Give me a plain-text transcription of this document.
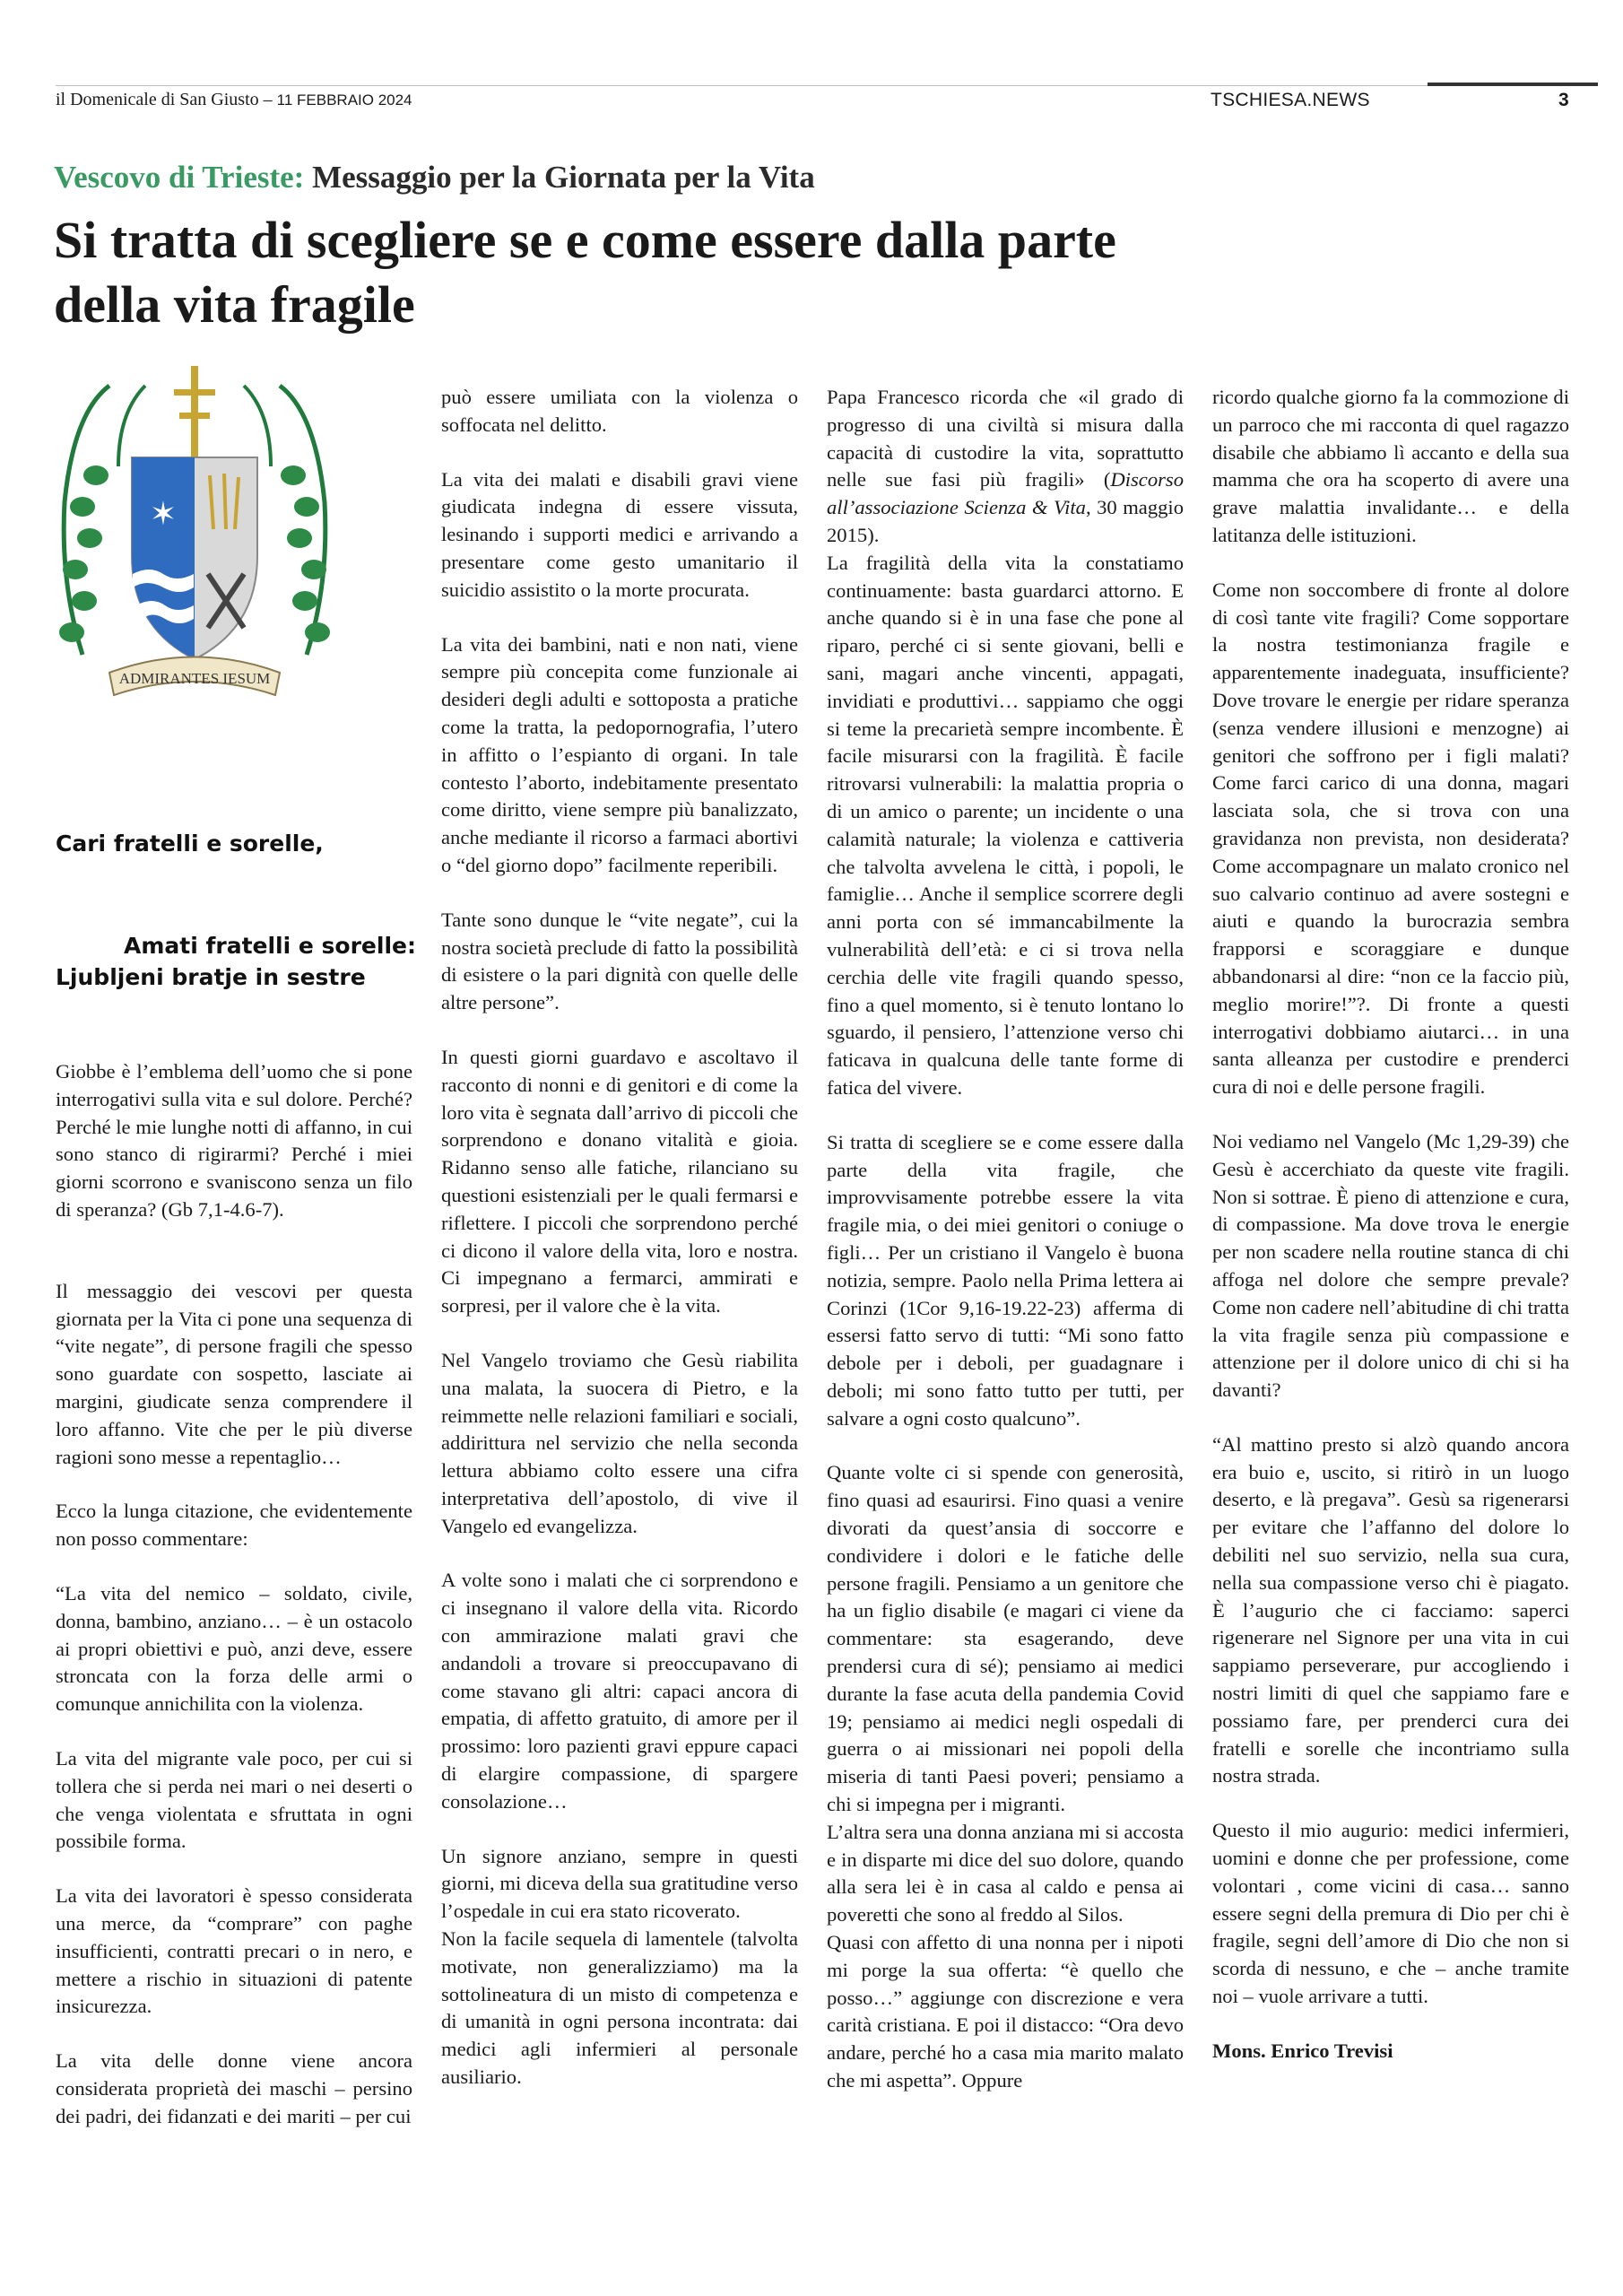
il Domenicale di San Giusto – 11 FEBBRAIO 2024	TSCHIESA.NEWS	3
Vescovo di Trieste: Messaggio per la Giornata per la Vita
Si tratta di scegliere se e come essere dalla parte della vita fragile
✶
ADMIRANTES IESUM
Cari fratelli e sorelle,
Amati fratelli e sorelle:
Ljubljeni bratje in sestre

Giobbe è l’emblema dell’uomo che si pone interrogativi sulla vita e sul dolore. Perché? Perché le mie lunghe notti di affanno, in cui sono stanco di rigirarmi? Perché i miei giorni scorrono e svaniscono senza un filo di speranza? (Gb 7,1-4.6-7).

Il messaggio dei vescovi per questa giornata per la Vita ci pone una sequenza di “vite negate”, di persone fragili che spesso sono guardate con sospetto, lasciate ai margini, giudicate senza comprendere il loro affanno. Vite che per le più diverse ragioni sono messe a repentaglio…

Ecco la lunga citazione, che evidentemente non posso commentare:

“La vita del nemico – soldato, civile, donna, bambino, anziano… – è un ostacolo ai propri obiettivi e può, anzi deve, essere stroncata con la forza delle armi o comunque annichilita con la violenza.

La vita del migrante vale poco, per cui si tollera che si perda nei mari o nei deserti o che venga violentata e sfruttata in ogni possibile forma.

La vita dei lavoratori è spesso considerata una merce, da “comprare” con paghe insufficienti, contratti precari o in nero, e mettere a rischio in situazioni di patente insicurezza.

La vita delle donne viene ancora considerata proprietà dei maschi – persino dei padri, dei fidanzati e dei mariti – per cui

può essere umiliata con la violenza o soffocata nel delitto.

La vita dei malati e disabili gravi viene giudicata indegna di essere vissuta, lesinando i supporti medici e arrivando a presentare come gesto umanitario il suicidio assistito o la morte procurata.

La vita dei bambini, nati e non nati, viene sempre più concepita come funzionale ai desideri degli adulti e sottoposta a pratiche come la tratta, la pedopornografia, l’utero in affitto o l’espianto di organi. In tale contesto l’aborto, indebitamente presentato come diritto, viene sempre più banalizzato, anche mediante il ricorso a farmaci abortivi o “del giorno dopo” facilmente reperibili.

Tante sono dunque le “vite negate”, cui la nostra società preclude di fatto la possibilità di esistere o la pari dignità con quelle delle altre persone”.

In questi giorni guardavo e ascoltavo il racconto di nonni e di genitori e di come la loro vita è segnata dall’arrivo di piccoli che sorprendono e donano vitalità e gioia. Ridanno senso alle fatiche, rilanciano su questioni esistenziali per le quali fermarsi e riflettere. I piccoli che sorprendono perché ci dicono il valore della vita, loro e nostra. Ci impegnano a fermarci, ammirati e sorpresi, per il valore che è la vita.

Nel Vangelo troviamo che Gesù riabilita una malata, la suocera di Pietro, e la reimmette nelle relazioni familiari e sociali, addirittura nel servizio che nella seconda lettura abbiamo colto essere una cifra interpretativa dell’apostolo, di vive il Vangelo ed evangelizza.

A volte sono i malati che ci sorprendono e ci insegnano il valore della vita. Ricordo con ammirazione malati gravi che andandoli a trovare si preoccupavano di come stavano gli altri: capaci ancora di empatia, di affetto gratuito, di amore per il prossimo: loro pazienti gravi eppure capaci di elargire compassione, di spargere consolazione…

Un signore anziano, sempre in questi giorni, mi diceva della sua gratitudine verso l’ospedale in cui era stato ricoverato.

Non la facile sequela di lamentele (talvolta motivate, non generalizziamo) ma la sottolineatura di un misto di competenza e di umanità in ogni persona incontrata: dai medici agli infermieri al personale ausiliario.

Papa Francesco ricorda che «il grado di progresso di una civiltà si misura dalla capacità di custodire la vita, soprattutto nelle sue fasi più fragili» (Discorso all’associazione Scienza & Vita, 30 maggio 2015).

La fragilità della vita la constatiamo continuamente: basta guardarci attorno. E anche quando si è in una fase che pone al riparo, perché ci si sente giovani, belli e sani, magari anche vincenti, appagati, invidiati e produttivi… sappiamo che oggi si teme la precarietà sempre incombente. È facile misurarsi con la fragilità. È facile ritrovarsi vulnerabili: la malattia propria o di un amico o parente; un incidente o una calamità naturale; la violenza e cattiveria che talvolta avvelena le città, i popoli, le famiglie… Anche il semplice scorrere degli anni porta con sé immancabilmente la vulnerabilità dell’età: e ci si trova nella cerchia delle vite fragili quando spesso, fino a quel momento, si è tenuto lontano lo sguardo, il pensiero, l’attenzione verso chi faticava in qualcuna delle tante forme di fatica del vivere.

Si tratta di scegliere se e come essere dalla parte della vita fragile, che improvvisamente potrebbe essere la vita fragile mia, o dei miei genitori o coniuge o figli… Per un cristiano il Vangelo è buona notizia, sempre. Paolo nella Prima lettera ai Corinzi (1Cor 9,16-19.22-23) afferma di essersi fatto servo di tutti: “Mi sono fatto debole per i deboli, per guadagnare i deboli; mi sono fatto tutto per tutti, per salvare a ogni costo qualcuno”.

Quante volte ci si spende con generosità, fino quasi ad esaurirsi. Fino quasi a venire divorati da quest’ansia di soccorre e condividere i dolori e le fatiche delle persone fragili. Pensiamo a un genitore che ha un figlio disabile (e magari ci viene da commentare: sta esagerando, deve prendersi cura di sé); pensiamo ai medici durante la fase acuta della pandemia Covid 19; pensiamo ai medici negli ospedali di guerra o ai missionari nei popoli della miseria di tanti Paesi poveri; pensiamo a chi si impegna per i migranti.

L’altra sera una donna anziana mi si accosta e in disparte mi dice del suo dolore, quando alla sera lei è in casa al caldo e pensa ai poveretti che sono al freddo al Silos.

Quasi con affetto di una nonna per i nipoti mi porge la sua offerta: “è quello che posso…” aggiunge con discrezione e vera carità cristiana. E poi il distacco: “Ora devo andare, perché ho a casa mia marito malato che mi aspetta”. Oppure

ricordo qualche giorno fa la commozione di un parroco che mi racconta di quel ragazzo disabile che abbiamo lì accanto e della sua mamma che ora ha scoperto di avere una grave malattia invalidante… e della latitanza delle istituzioni.

Come non soccombere di fronte al dolore di così tante vite fragili? Come sopportare la nostra testimonianza fragile e apparentemente inadeguata, insufficiente? Dove trovare le energie per ridare speranza (senza vendere illusioni e menzogne) ai genitori che soffrono per i figli malati? Come farci carico di una donna, magari lasciata sola, che si trova con una gravidanza non prevista, non desiderata? Come accompagnare un malato cronico nel suo calvario continuo ad avere sostegni e aiuti e quando la burocrazia sembra frapporsi e scoraggiare e dunque abbandonarsi al dire: “non ce la faccio più, meglio morire!”?. Di fronte a questi interrogativi dobbiamo aiutarci… in una santa alleanza per custodire e prenderci cura di noi e delle persone fragili.

Noi vediamo nel Vangelo (Mc 1,29-39) che Gesù è accerchiato da queste vite fragili. Non si sottrae. È pieno di attenzione e cura, di compassione. Ma dove trova le energie per non scadere nella routine stanca di chi affoga nel dolore che sempre prevale? Come non cadere nell’abitudine di chi tratta la vita fragile senza più compassione e attenzione per il dolore unico di chi si ha davanti?

“Al mattino presto si alzò quando ancora era buio e, uscito, si ritirò in un luogo deserto, e là pregava”. Gesù sa rigenerarsi per evitare che l’affanno del dolore lo debiliti nel suo servizio, nella sua cura, nella sua compassione verso chi è piagato. È l’augurio che ci facciamo: saperci rigenerare nel Signore per una vita in cui sappiamo perseverare, pur accogliendo i nostri limiti di quel che sappiamo fare e possiamo fare, per prenderci cura dei fratelli e sorelle che incontriamo sulla nostra strada.

Questo il mio augurio: medici infermieri, uomini e donne che per professione, come volontari , come vicini di casa… sanno essere segni della premura di Dio per chi è fragile, segni dell’amore di Dio che non si scorda di nessuno, e che – anche tramite noi – vuole arrivare a tutti.

Mons. Enrico Trevisi
